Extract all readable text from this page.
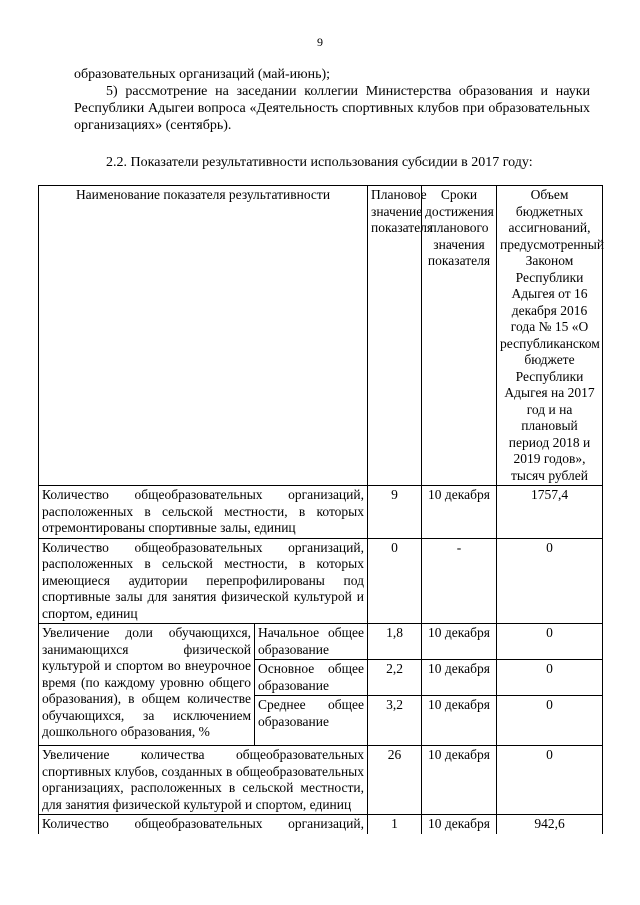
9
образовательных организаций (май-июнь);
5) рассмотрение на заседании коллегии Министерства образования и науки Республики Адыгеи вопроса «Деятельность спортивных клубов при образовательных организациях» (сентябрь).
2.2. Показатели результативности использования субсидии в 2017 году:
Наименование показателя результативности		Плановое значение показателя	Сроки достижения планового значения показателя	Объем бюджетных ассигнований, предусмотренный Законом Республики Адыгея от 16 декабря 2016 года № 15 «О республиканском бюджете Республики Адыгея на 2017 год и на плановый период 2018 и 2019 годов», тысяч рублей
Количество общеобразовательных организаций, расположенных в сельской местности, в которых отремонтированы спортивные залы, единиц		9	10 декабря	1757,4
Количество общеобразовательных организаций, расположенных в сельской местности, в которых имеющиеся аудитории перепрофилированы под спортивные залы для занятия физической культурой и спортом, единиц		0	-	0
Увеличение доли обучающихся, занимающихся физической культурой и спортом во внеурочное время (по каждому уровню общего образования), в общем количестве обучающихся, за исключением дошкольного образования, %	Начальное общее образование	1,8	10 декабря	0
	Основное общее образование	2,2	10 декабря	0
	Среднее общее образование	3,2	10 декабря	0
Увеличение количества общеобразовательных спортивных клубов, созданных в общеобразовательных организациях, расположенных в сельской местности, для занятия физической культурой и спортом, единиц		26	10 декабря	0
Количество общеобразовательных организаций,		1	10 декабря	942,6
